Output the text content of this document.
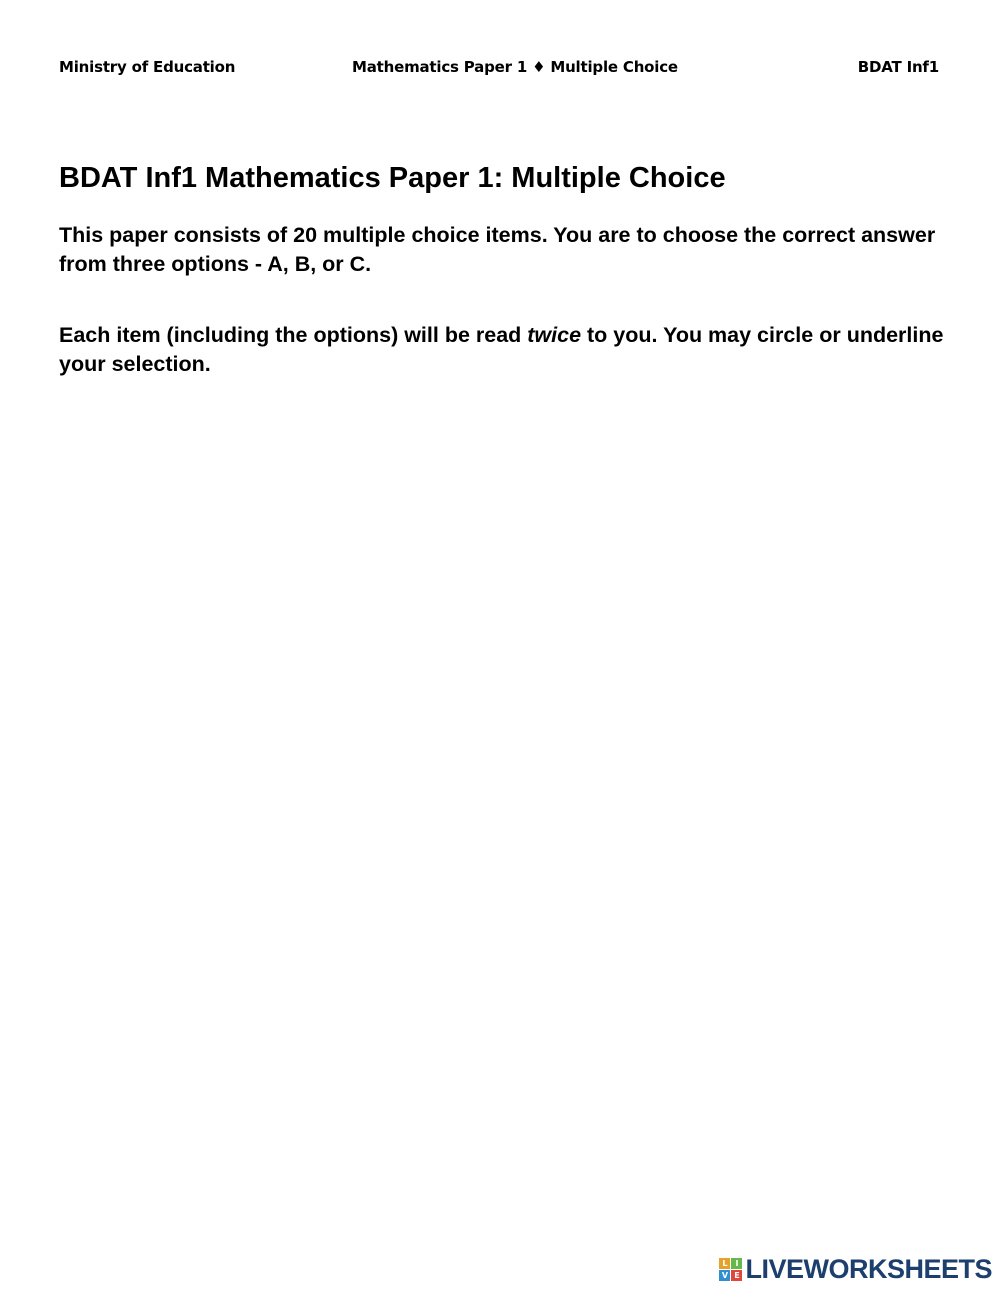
Ministry of Education	Mathematics Paper 1 ♦ Multiple Choice	BDAT Inf1
BDAT Inf1 Mathematics Paper 1: Multiple Choice

This paper consists of 20 multiple choice items. You are to choose the correct answer from three options - A, B, or C.

Each item (including the options) will be read twice to you. You may circle or underline your selection.

L I
V E LIVEWORKSHEETS
